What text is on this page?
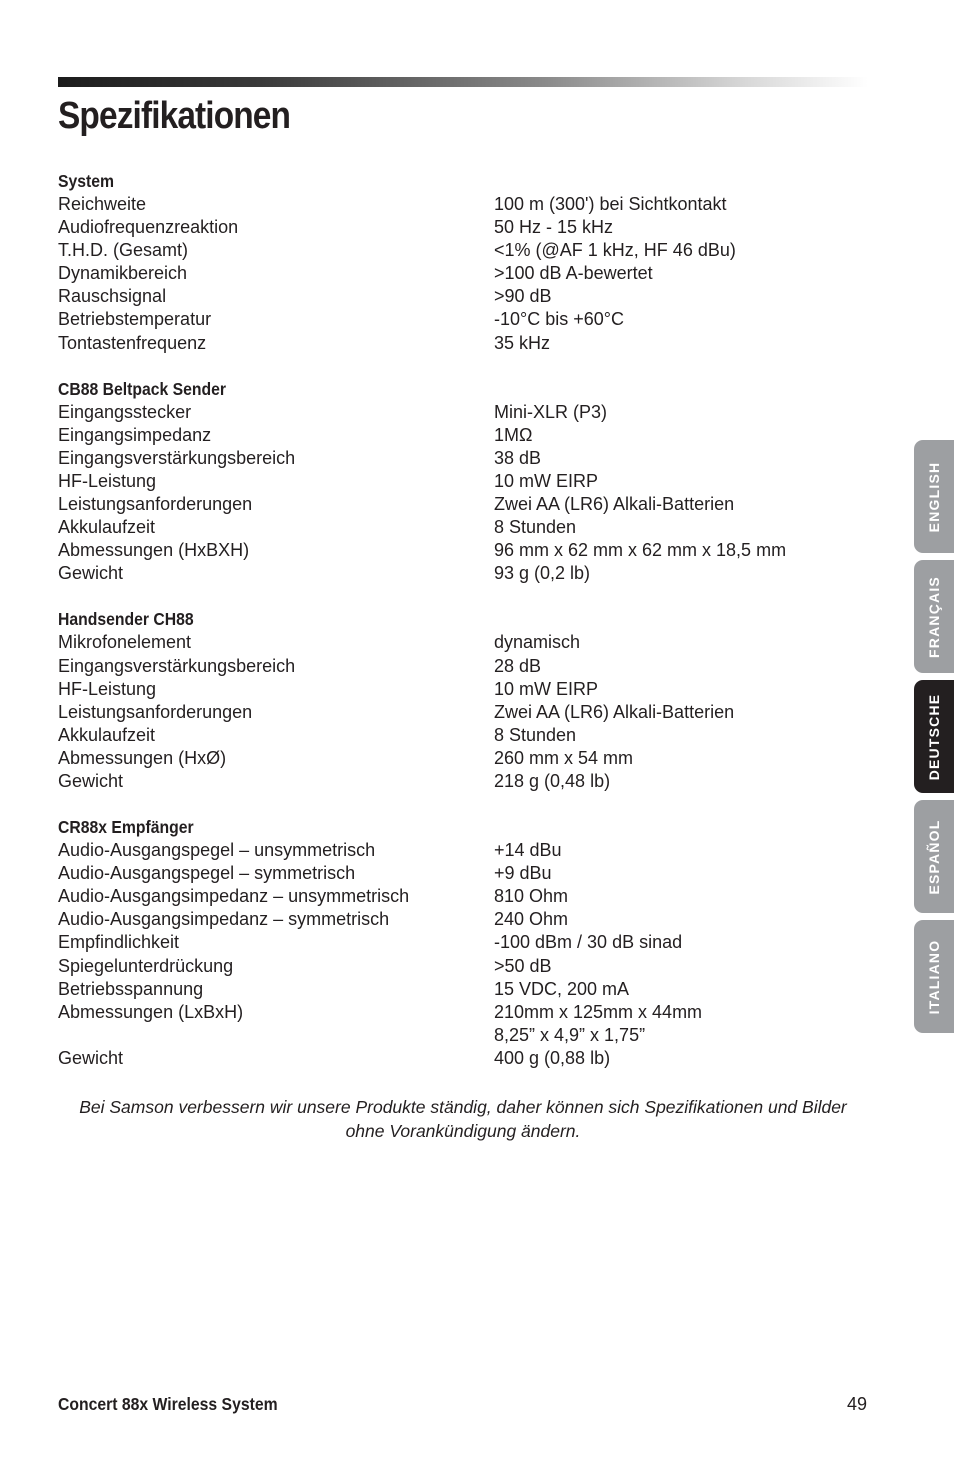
Spezifikationen
System
Reichweite	100 m (300') bei Sichtkontakt
Audiofrequenzreaktion	50 Hz - 15 kHz
T.H.D. (Gesamt)	<1% (@AF 1 kHz, HF 46 dBu)
Dynamikbereich	>100 dB A-bewertet
Rauschsignal	>90 dB
Betriebstemperatur	-10°C bis +60°C
Tontastenfrequenz	35 kHz
CB88 Beltpack Sender
Eingangsstecker	Mini-XLR (P3)
Eingangsimpedanz	1MΩ
Eingangsverstärkungsbereich	38 dB
HF-Leistung	10 mW EIRP
Leistungsanforderungen	Zwei AA (LR6) Alkali-Batterien
Akkulaufzeit	8 Stunden
Abmessungen (HxBXH)	96 mm x 62 mm x 62 mm x 18,5 mm
Gewicht	93 g (0,2 lb)
Handsender CH88
Mikrofonelement	dynamisch
Eingangsverstärkungsbereich	28 dB
HF-Leistung	10 mW EIRP
Leistungsanforderungen	Zwei AA (LR6) Alkali-Batterien
Akkulaufzeit	8 Stunden
Abmessungen (HxØ)	260 mm x 54 mm
Gewicht	218 g (0,48 lb)
CR88x Empfänger
Audio-Ausgangspegel – unsymmetrisch	+14 dBu
Audio-Ausgangspegel – symmetrisch	+9 dBu
Audio-Ausgangsimpedanz – unsymmetrisch	810 Ohm
Audio-Ausgangsimpedanz – symmetrisch	240 Ohm
Empfindlichkeit	-100 dBm / 30 dB sinad
Spiegelunterdrückung	>50 dB
Betriebsspannung	15 VDC, 200 mA
Abmessungen (LxBxH)	210mm x 125mm x 44mm
8,25” x 4,9” x 1,75”
Gewicht	400 g (0,88 lb)
Bei Samson verbessern wir unsere Produkte ständig, daher können sich Spezifikationen und Bilder ohne Vorankündigung ändern.
ENGLISH
FRANÇAIS
DEUTSCHE
ESPAÑOL
ITALIANO
Concert 88x Wireless System	49
